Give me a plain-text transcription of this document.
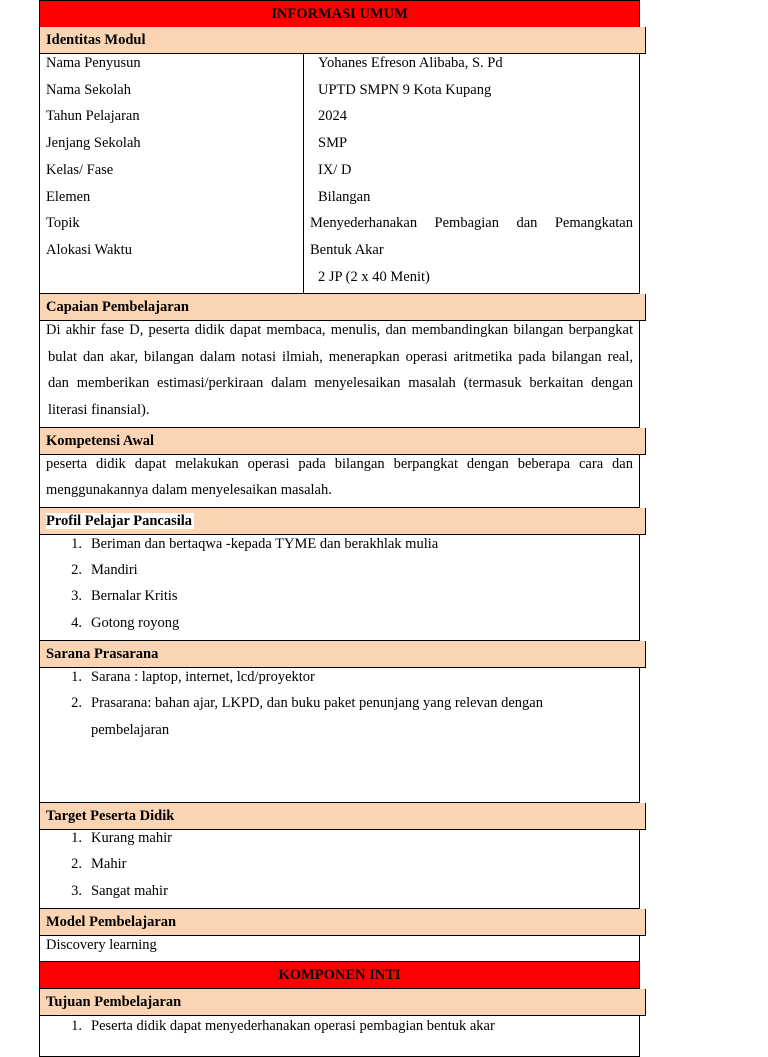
INFORMASI UMUM
Identitas Modul
Nama Penyusun
Nama Sekolah
Tahun Pelajaran
Jenjang Sekolah
Kelas/ Fase
Elemen
Topik
Alokasi Waktu
Yohanes Efreson Alibaba, S. Pd
UPTD SMPN 9 Kota Kupang
2024
SMP
IX/ D
Bilangan
Menyederhanakan Pembagian dan Pemangkatan
Bentuk Akar
2 JP (2 x 40 Menit)
Capaian Pembelajaran
Di akhir fase D, peserta didik dapat membaca, menulis, dan membandingkan bilangan berpangkat
bulat dan akar, bilangan dalam notasi ilmiah, menerapkan operasi aritmetika pada bilangan real,
dan memberikan estimasi/perkiraan dalam menyelesaikan masalah (termasuk berkaitan dengan
literasi finansial).
Kompetensi Awal
peserta didik dapat melakukan operasi pada bilangan berpangkat dengan beberapa cara dan
menggunakannya dalam menyelesaikan masalah.
Profil Pelajar Pancasila
1. Beriman dan bertaqwa -kepada TYME dan berakhlak mulia
2. Mandiri
3. Bernalar Kritis
4. Gotong royong
Sarana Prasarana
1. Sarana : laptop, internet, lcd/proyektor
2. Prasarana: bahan ajar, LKPD, dan buku paket penunjang yang relevan dengan
pembelajaran
Target Peserta Didik
1. Kurang mahir
2. Mahir
3. Sangat mahir
Model Pembelajaran
Discovery learning
KOMPONEN INTI
Tujuan Pembelajaran
1. Peserta didik dapat menyederhanakan operasi pembagian bentuk akar
